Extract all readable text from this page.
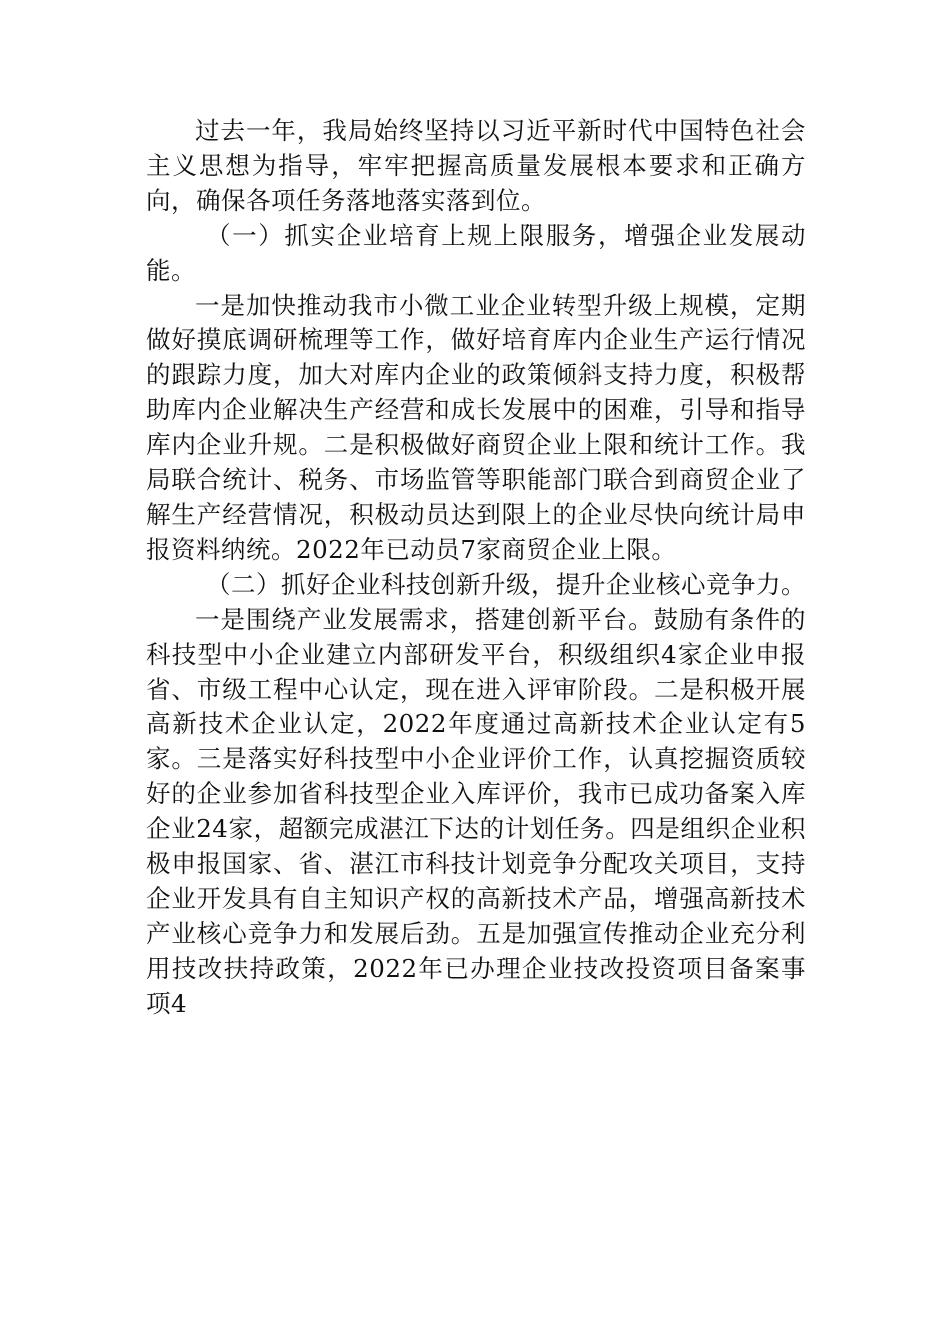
过去一年，我局始终坚持以习近平新时代中国特色社会主义思想为指导，牢牢把握高质量发展根本要求和正确方向，确保各项任务落地落实落到位。

（一）抓实企业培育上规上限服务，增强企业发展动能。

一是加快推动我市小微工业企业转型升级上规模，定期做好摸底调研梳理等工作，做好培育库内企业生产运行情况的跟踪力度，加大对库内企业的政策倾斜支持力度，积极帮助库内企业解决生产经营和成长发展中的困难，引导和指导库内企业升规。二是积极做好商贸企业上限和统计工作。我局联合统计、税务、市场监管等职能部门联合到商贸企业了解生产经营情况，积极动员达到限上的企业尽快向统计局申报资料纳统。2022年已动员7家商贸企业上限。

（二）抓好企业科技创新升级，提升企业核心竞争力。

一是围绕产业发展需求，搭建创新平台。鼓励有条件的科技型中小企业建立内部研发平台，积级组织4家企业申报省、市级工程中心认定，现在进入评审阶段。二是积极开展高新技术企业认定，2022年度通过高新技术企业认定有5家。三是落实好科技型中小企业评价工作，认真挖掘资质较好的企业参加省科技型企业入库评价，我市已成功备案入库企业24家，超额完成湛江下达的计划任务。四是组织企业积极申报国家、省、湛江市科技计划竞争分配攻关项目，支持企业开发具有自主知识产权的高新技术产品，增强高新技术产业核心竞争力和发展后劲。五是加强宣传推动企业充分利用技改扶持政策，2022年已办理企业技改投资项目备案事项4
